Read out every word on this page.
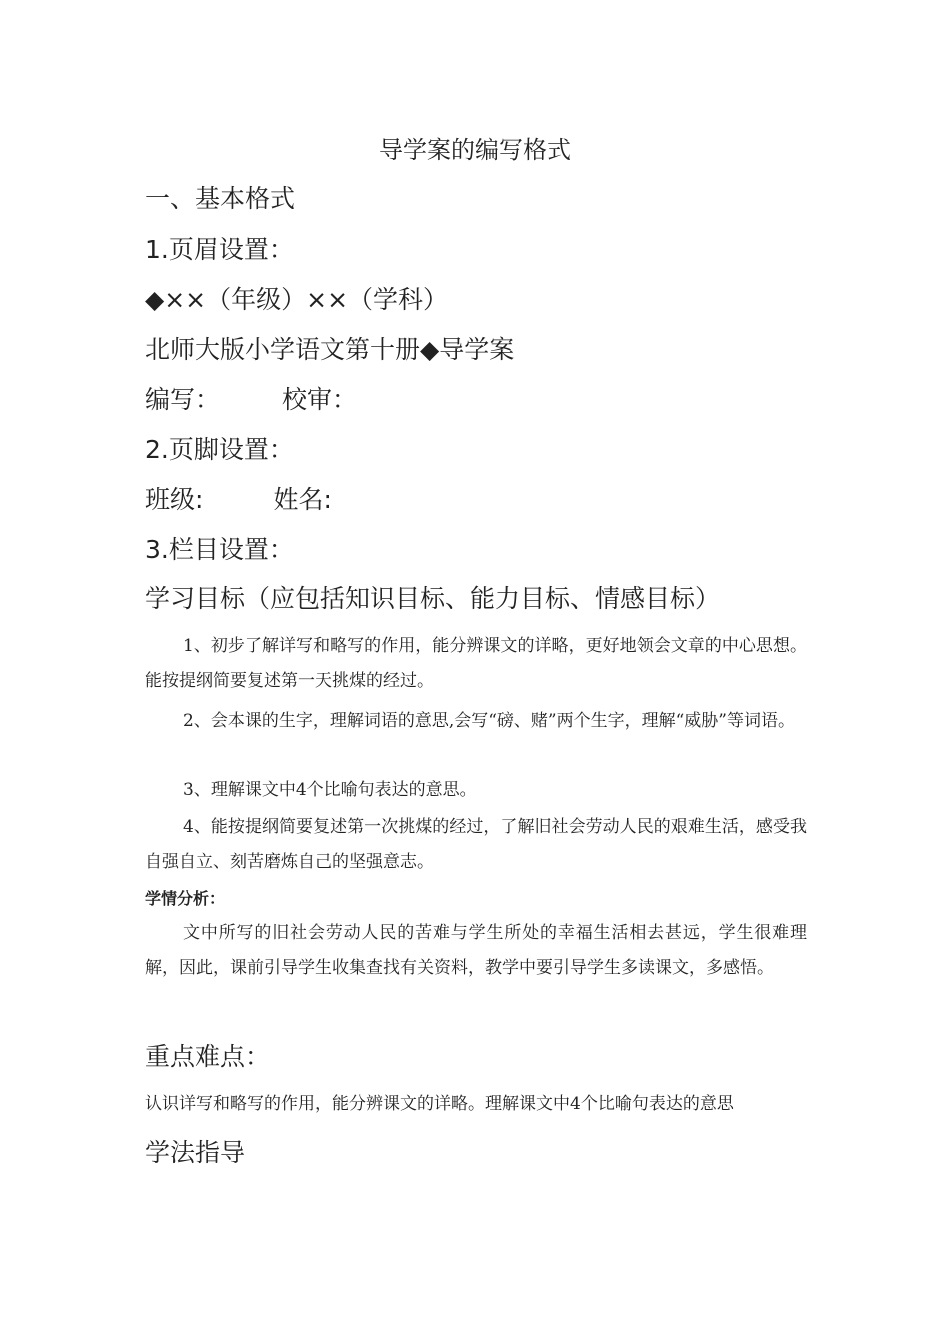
导学案的编写格式
一、基本格式
1.页眉设置：
◆××（年级）××（学科）
北师大版小学语文第十册◆导学案
编写： 校审：
2.页脚设置：
班级:	姓名:
3.栏目设置：
学习目标（应包括知识目标、能力目标、情感目标）
1、初步了解详写和略写的作用，能分辨课文的详略，更好地领会文章的中心思想。能按提纲简要复述第一天挑煤的经过。
2、会本课的生字，理解词语的意思,会写“磅、赌”两个生字，理解“威胁”等词语。
3、理解课文中4个比喻句表达的意思。
4、能按提纲简要复述第一次挑煤的经过，了解旧社会劳动人民的艰难生活，感受我自强自立、刻苦磨炼自己的坚强意志。
学情分析：
文中所写的旧社会劳动人民的苦难与学生所处的幸福生活相去甚远，学生很难理解，因此，课前引导学生收集查找有关资料，教学中要引导学生多读课文，多感悟。
重点难点：
认识详写和略写的作用，能分辨课文的详略。理解课文中4个比喻句表达的意思
学法指导
